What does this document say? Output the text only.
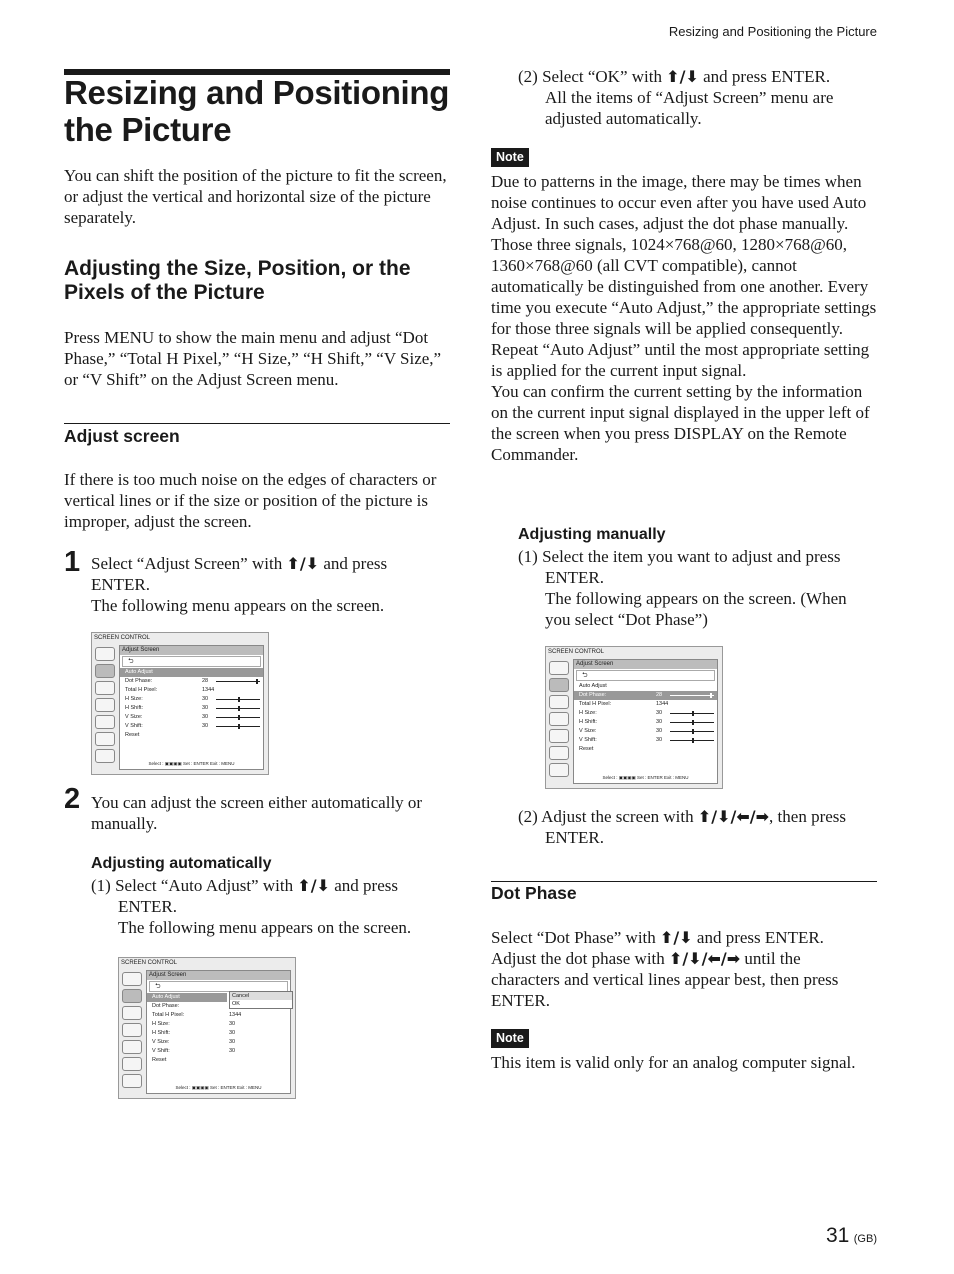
Resizing and Positioning the Picture
Resizing and Positioning
the Picture
You can shift the position of the picture to fit the screen, or adjust the vertical and horizontal size of the picture separately.
Adjusting the Size, Position, or the
Pixels of the Picture
Press MENU to show the main menu and adjust “Dot Phase,” “Total H Pixel,” “H Size,” “H Shift,” “V Size,” or “V Shift” on the Adjust Screen menu.
Adjust screen
If there is too much noise on the edges of characters or vertical lines or if the size or position of the picture is improper, adjust the screen.
1 Select “Adjust Screen” with ⬆/⬇ and press
ENTER.
The following menu appears on the screen.
SCREEN CONTROL
Adjust Screen
⮌
Auto Adjust
Dot Phase:	28
Total H Pixel:	1344
H Size:	30
H Shift:	30
V Size:	30
V Shift:	30
Reset
Select : ▣▣▣▣ Set : ENTER Exit : MENU
2 You can adjust the screen either automatically or manually.
Adjusting automatically
(1) Select “Auto Adjust” with ⬆/⬇ and press
ENTER.
The following menu appears on the screen.
SCREEN CONTROL
Adjust Screen
⮌
Auto Adjust
Dot Phase:
Total H Pixel:	1344
H Size:	30
H Shift:	30
V Size:	30
V Shift:	30
Reset
Cancel
OK
Select : ▣▣▣▣ Set : ENTER Exit : MENU
(2) Select “OK” with ⬆/⬇ and press ENTER.
All the items of “Adjust Screen” menu are
adjusted automatically.
Note
Due to patterns in the image, there may be times when noise continues to occur even after you have used Auto Adjust. In such cases, adjust the dot phase manually.
Those three signals, 1024×768@60, 1280×768@60, 1360×768@60 (all CVT compatible), cannot automatically be distinguished from one another. Every time you execute “Auto Adjust,” the appropriate settings for those three signals will be applied consequently. Repeat “Auto Adjust” until the most appropriate setting is applied for the current input signal.
You can confirm the current setting by the information on the current input signal displayed in the upper left of the screen when you press DISPLAY on the Remote Commander.
Adjusting manually
(1) Select the item you want to adjust and press
ENTER.
The following appears on the screen. (When
you select “Dot Phase”)
SCREEN CONTROL
Adjust Screen
⮌
Auto Adjust
Dot Phase:	28
Total H Pixel:	1344
H Size:	30
H Shift:	30
V Size:	30
V Shift:	30
Reset
Select : ▣▣▣▣ Set : ENTER Exit : MENU
(2) Adjust the screen with ⬆/⬇/⬅/➡, then press
ENTER.
Dot Phase
Select “Dot Phase” with ⬆/⬇ and press ENTER.
Adjust the dot phase with ⬆/⬇/⬅/➡ until the
characters and vertical lines appear best, then press
ENTER.
Note
This item is valid only for an analog computer signal.
31 (GB)
